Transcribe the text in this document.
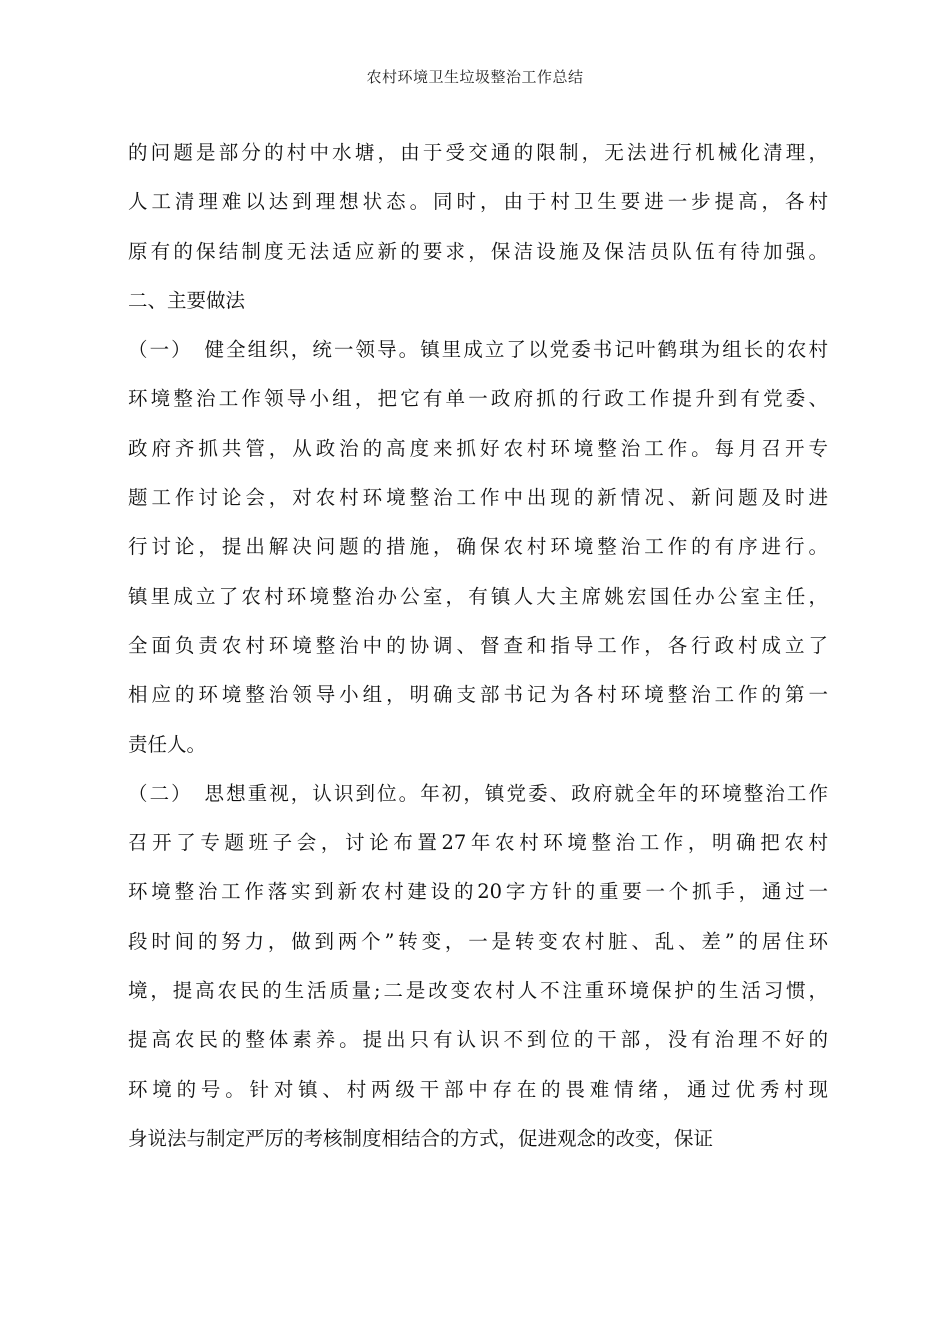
农村环境卫生垃圾整治工作总结
的问题是部分的村中水塘，由于受交通的限制，无法进行机械化清理，
人工清理难以达到理想状态。同时，由于村卫生要进一步提高，各村
原有的保结制度无法适应新的要求，保洁设施及保洁员队伍有待加强。
二、主要做法
（一）　健全组织，统一领导。镇里成立了以党委书记叶鹤琪为组长的农村
环境整治工作领导小组，把它有单一政府抓的行政工作提升到有党委、
政府齐抓共管，从政治的高度来抓好农村环境整治工作。每月召开专
题工作讨论会，对农村环境整治工作中出现的新情况、新问题及时进
行讨论，提出解决问题的措施，确保农村环境整治工作的有序进行。
镇里成立了农村环境整治办公室，有镇人大主席姚宏国任办公室主任，
全面负责农村环境整治中的协调、督查和指导工作，各行政村成立了
相应的环境整治领导小组，明确支部书记为各村环境整治工作的第一
责任人。
（二）　思想重视，认识到位。年初，镇党委、政府就全年的环境整治工作
召开了专题班子会，讨论布置27年农村环境整治工作，明确把农村
环境整治工作落实到新农村建设的20字方针的重要一个抓手，通过一
段时间的努力，做到两个”转变，一是转变农村脏、乱、差”的居住环
境，提高农民的生活质量;二是改变农村人不注重环境保护的生活习惯，
提高农民的整体素养。提出只有认识不到位的干部，没有治理不好的
环境的号。针对镇、村两级干部中存在的畏难情绪，通过优秀村现
身说法与制定严厉的考核制度相结合的方式，促进观念的改变，保证
